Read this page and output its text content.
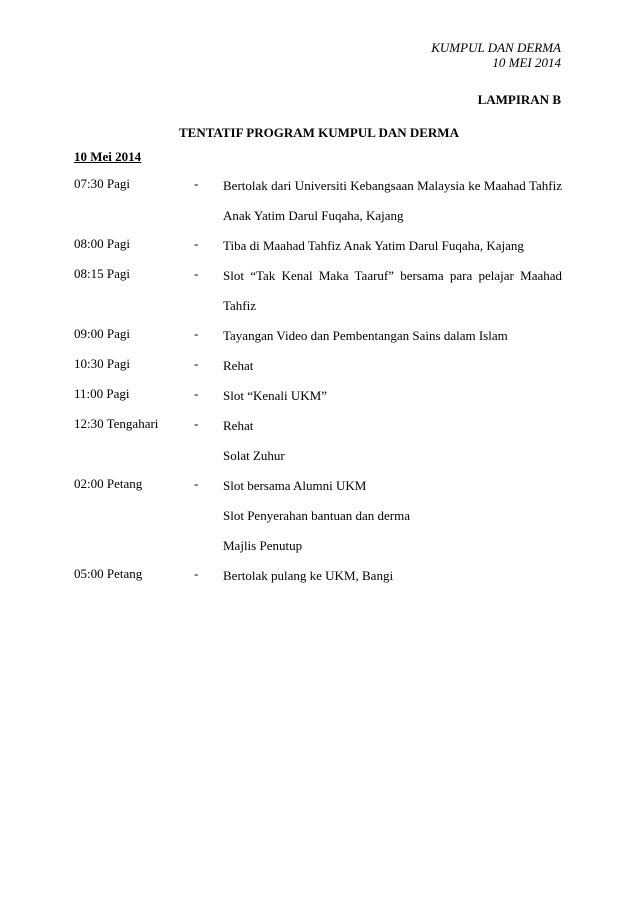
KUMPUL DAN DERMA
10 MEI 2014
LAMPIRAN B
TENTATIF PROGRAM KUMPUL DAN DERMA
10 Mei 2014
07:30 Pagi	- Bertolak dari Universiti Kebangsaan Malaysia ke Maahad Tahfiz
Anak Yatim Darul Fuqaha, Kajang
08:00 Pagi	- Tiba di Maahad Tahfiz Anak Yatim Darul Fuqaha, Kajang
08:15 Pagi	- Slot “Tak Kenal Maka Taaruf” bersama para pelajar Maahad
Tahfiz
09:00 Pagi	- Tayangan Video dan Pembentangan Sains dalam Islam
10:30 Pagi	- Rehat
11:00 Pagi	- Slot “Kenali UKM”
12:30 Tengahari	- Rehat
Solat Zuhur
02:00 Petang	- Slot bersama Alumni UKM
Slot Penyerahan bantuan dan derma
Majlis Penutup
05:00 Petang	- Bertolak pulang ke UKM, Bangi
